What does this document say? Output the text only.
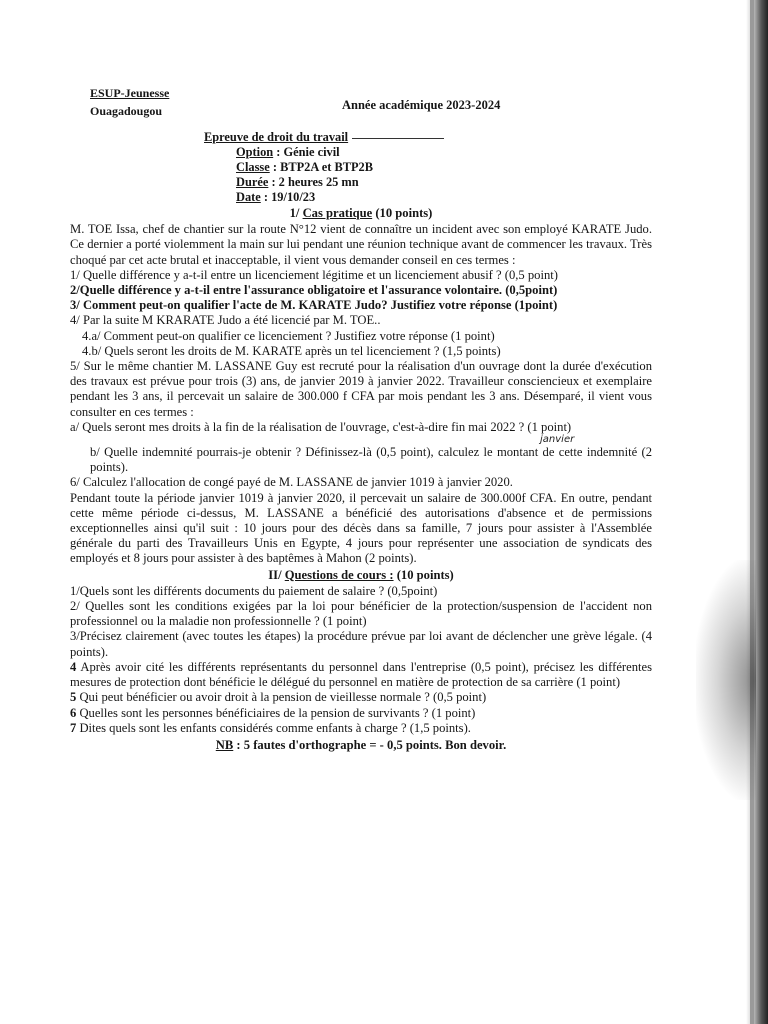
ESUP-Jeunesse
Ouagadougou	Année académique 2023-2024
Epreuve de droit du travail
Option : Génie civil
Classe : BTP2A et BTP2B
Durée : 2 heures 25 mn
Date : 19/10/23
1/ Cas pratique (10 points)

M. TOE Issa, chef de chantier sur la route N°12 vient de connaître un incident avec son employé KARATE Judo. Ce dernier a porté violemment la main sur lui pendant une réunion technique avant de commencer les travaux. Très choqué par cet acte brutal et inacceptable, il vient vous demander conseil en ces termes :

1/ Quelle différence y a-t-il entre un licenciement légitime et un licenciement abusif ? (0,5 point)

2/Quelle différence y a-t-il entre l'assurance obligatoire et l'assurance volontaire. (0,5point)

3/ Comment peut-on qualifier l'acte de M. KARATE Judo? Justifiez votre réponse (1point)

4/ Par la suite M KRARATE Judo a été licencié par M. TOE..

4.a/ Comment peut-on qualifier ce licenciement ? Justifiez votre réponse (1 point)

4.b/ Quels seront les droits de M. KARATE après un tel licenciement ? (1,5 points)

5/ Sur le même chantier M. LASSANE Guy est recruté pour la réalisation d'un ouvrage dont la durée d'exécution des travaux est prévue pour trois (3) ans, de janvier 2019 à janvier 2022. Travailleur consciencieux et exemplaire pendant les 3 ans, il percevait un salaire de 300.000 f CFA par mois pendant les 3 ans. Désemparé, il vient vous consulter en ces termes :

a/ Quels seront mes droits à la fin de la réalisation de l'ouvrage, c'est-à-dire fin mai 2022 ? (1 point)

janvier

b/ Quelle indemnité pourrais-je obtenir ? Définissez-là (0,5 point), calculez le montant de cette indemnité (2 points).

6/ Calculez l'allocation de congé payé de M. LASSANE de janvier 1019 à janvier 2020.

Pendant toute la période janvier 1019 à janvier 2020, il percevait un salaire de 300.000f CFA. En outre, pendant cette même période ci-dessus, M. LASSANE a bénéficié des autorisations d'absence et de permissions exceptionnelles ainsi qu'il suit : 10 jours pour des décès dans sa famille, 7 jours pour assister à l'Assemblée générale du parti des Travailleurs Unis en Egypte, 4 jours pour représenter une association de syndicats des employés et 8 jours pour assister à des baptêmes à Mahon (2 points).

II/ Questions de cours : (10 points)

1/Quels sont les différents documents du paiement de salaire ? (0,5point)

2/ Quelles sont les conditions exigées par la loi pour bénéficier de la protection/suspension de l'accident non professionnel ou la maladie non professionnelle ? (1 point)

3/Précisez clairement (avec toutes les étapes) la procédure prévue par loi avant de déclencher une grève légale. (4 points).

4 Après avoir cité les différents représentants du personnel dans l'entreprise (0,5 point), précisez les différentes mesures de protection dont bénéficie le délégué du personnel en matière de protection de sa carrière (1 point)

5 Qui peut bénéficier ou avoir droit à la pension de vieillesse normale ? (0,5 point)

6 Quelles sont les personnes bénéficiaires de la pension de survivants ? (1 point)

7 Dites quels sont les enfants considérés comme enfants à charge ? (1,5 points).

NB : 5 fautes d'orthographe = - 0,5 points. Bon devoir.
